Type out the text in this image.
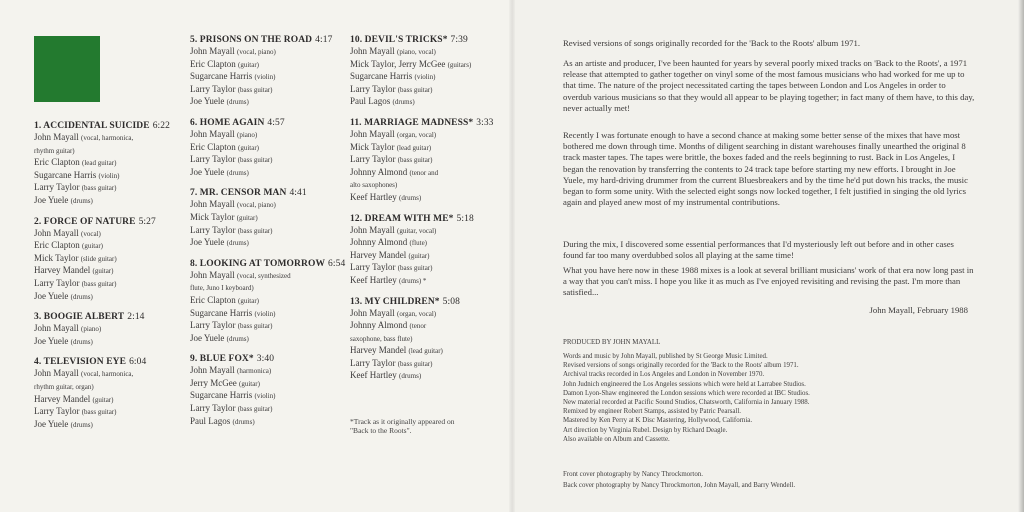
1. ACCIDENTAL SUICIDE 6:22
John Mayall (vocal, harmonica,
rhythm guitar)
Eric Clapton (lead guitar)
Sugarcane Harris (violin)
Larry Taylor (bass guitar)
Joe Yuele (drums)
2. FORCE OF NATURE 5:27
John Mayall (vocal)
Eric Clapton (guitar)
Mick Taylor (slide guitar)
Harvey Mandel (guitar)
Larry Taylor (bass guitar)
Joe Yuele (drums)
3. BOOGIE ALBERT 2:14
John Mayall (piano)
Joe Yuele (drums)
4. TELEVISION EYE 6:04
John Mayall (vocal, harmonica,
rhythm guitar, organ)
Harvey Mandel (guitar)
Larry Taylor (bass guitar)
Joe Yuele (drums)
5. PRISONS ON THE ROAD 4:17
John Mayall (vocal, piano)
Eric Clapton (guitar)
Sugarcane Harris (violin)
Larry Taylor (bass guitar)
Joe Yuele (drums)
6. HOME AGAIN 4:57
John Mayall (piano)
Eric Clapton (guitar)
Larry Taylor (bass guitar)
Joe Yuele (drums)
7. MR. CENSOR MAN 4:41
John Mayall (vocal, piano)
Mick Taylor (guitar)
Larry Taylor (bass guitar)
Joe Yuele (drums)
8. LOOKING AT TOMORROW 6:54
John Mayall (vocal, synthesized
flute, Juno I keyboard)
Eric Clapton (guitar)
Sugarcane Harris (violin)
Larry Taylor (bass guitar)
Joe Yuele (drums)
9. BLUE FOX* 3:40
John Mayall (harmonica)
Jerry McGee (guitar)
Sugarcane Harris (violin)
Larry Taylor (bass guitar)
Paul Lagos (drums)
10. DEVIL'S TRICKS* 7:39
John Mayall (piano, vocal)
Mick Taylor, Jerry McGee (guitars)
Sugarcane Harris (violin)
Larry Taylor (bass guitar)
Paul Lagos (drums)
11. MARRIAGE MADNESS* 3:33
John Mayall (organ, vocal)
Mick Taylor (lead guitar)
Larry Taylor (bass guitar)
Johnny Almond (tenor and
alto saxophones)
Keef Hartley (drums)
12. DREAM WITH ME* 5:18
John Mayall (guitar, vocal)
Johnny Almond (flute)
Harvey Mandel (guitar)
Larry Taylor (bass guitar)
Keef Hartley (drums) *
13. MY CHILDREN* 5:08
John Mayall (organ, vocal)
Johnny Almond (tenor
saxophone, bass flute)
Harvey Mandel (lead guitar)
Larry Taylor (bass guitar)
Keef Hartley (drums)
*Track as it originally appeared on
"Back to the Roots".
Revised versions of songs originally recorded for the 'Back to the Roots' album 1971.
As an artiste and producer, I've been haunted for years by several poorly mixed tracks on 'Back to the Roots', a 1971 release that attempted to gather together on vinyl some of the most famous musicians who had worked for me up to that time. The nature of the project necessitated carting the tapes between London and Los Angeles in order to overdub various musicians so that they would all appear to be playing together; in fact many of them have, to this day, never actually met!
Recently I was fortunate enough to have a second chance at making some better sense of the mixes that have most bothered me down through time. Months of diligent searching in distant warehouses finally unearthed the original 8 track master tapes. The tapes were brittle, the boxes faded and the reels beginning to rust. Back in Los Angeles, I began the renovation by transferring the contents to 24 track tape before starting my new efforts. I brought in Joe Yuele, my hard-driving drummer from the current Bluesbreakers and by the time he'd put down his tracks, the music began to form some unity. With the selected eight songs now locked together, I felt justified in singing the old lyrics again and played anew most of my instrumental contributions.
During the mix, I discovered some essential performances that I'd mysteriously left out before and in other cases found far too many overdubbed solos all playing at the same time!
What you have here now in these 1988 mixes is a look at several brilliant musicians' work of that era now long past in a way that you can't miss. I hope you like it as much as I've enjoyed revisiting and revising the past. I'm more than satisfied...
John Mayall, February 1988
PRODUCED BY JOHN MAYALL
Words and music by John Mayall, published by St George Music Limited.
Revised versions of songs originally recorded for the 'Back to the Roots' album 1971.
Archival tracks recorded in Los Angeles and London in November 1970.
John Judnich engineered the Los Angeles sessions which were held at Larrabee Studios.
Damon Lyon-Shaw engineered the London sessions which were recorded at IBC Studios.
New material recorded at Pacific Sound Studios, Chatsworth, California in January 1988.
Remixed by engineer Robert Stamps, assisted by Patric Pearsall.
Mastered by Ken Perry at K Disc Mastering, Hollywood, California.
Art direction by Virginia Rubel. Design by Richard Deagle.
Also available on Album and Cassette.
Front cover photography by Nancy Throckmorton.
Back cover photography by Nancy Throckmorton, John Mayall, and Barry Wendell.
